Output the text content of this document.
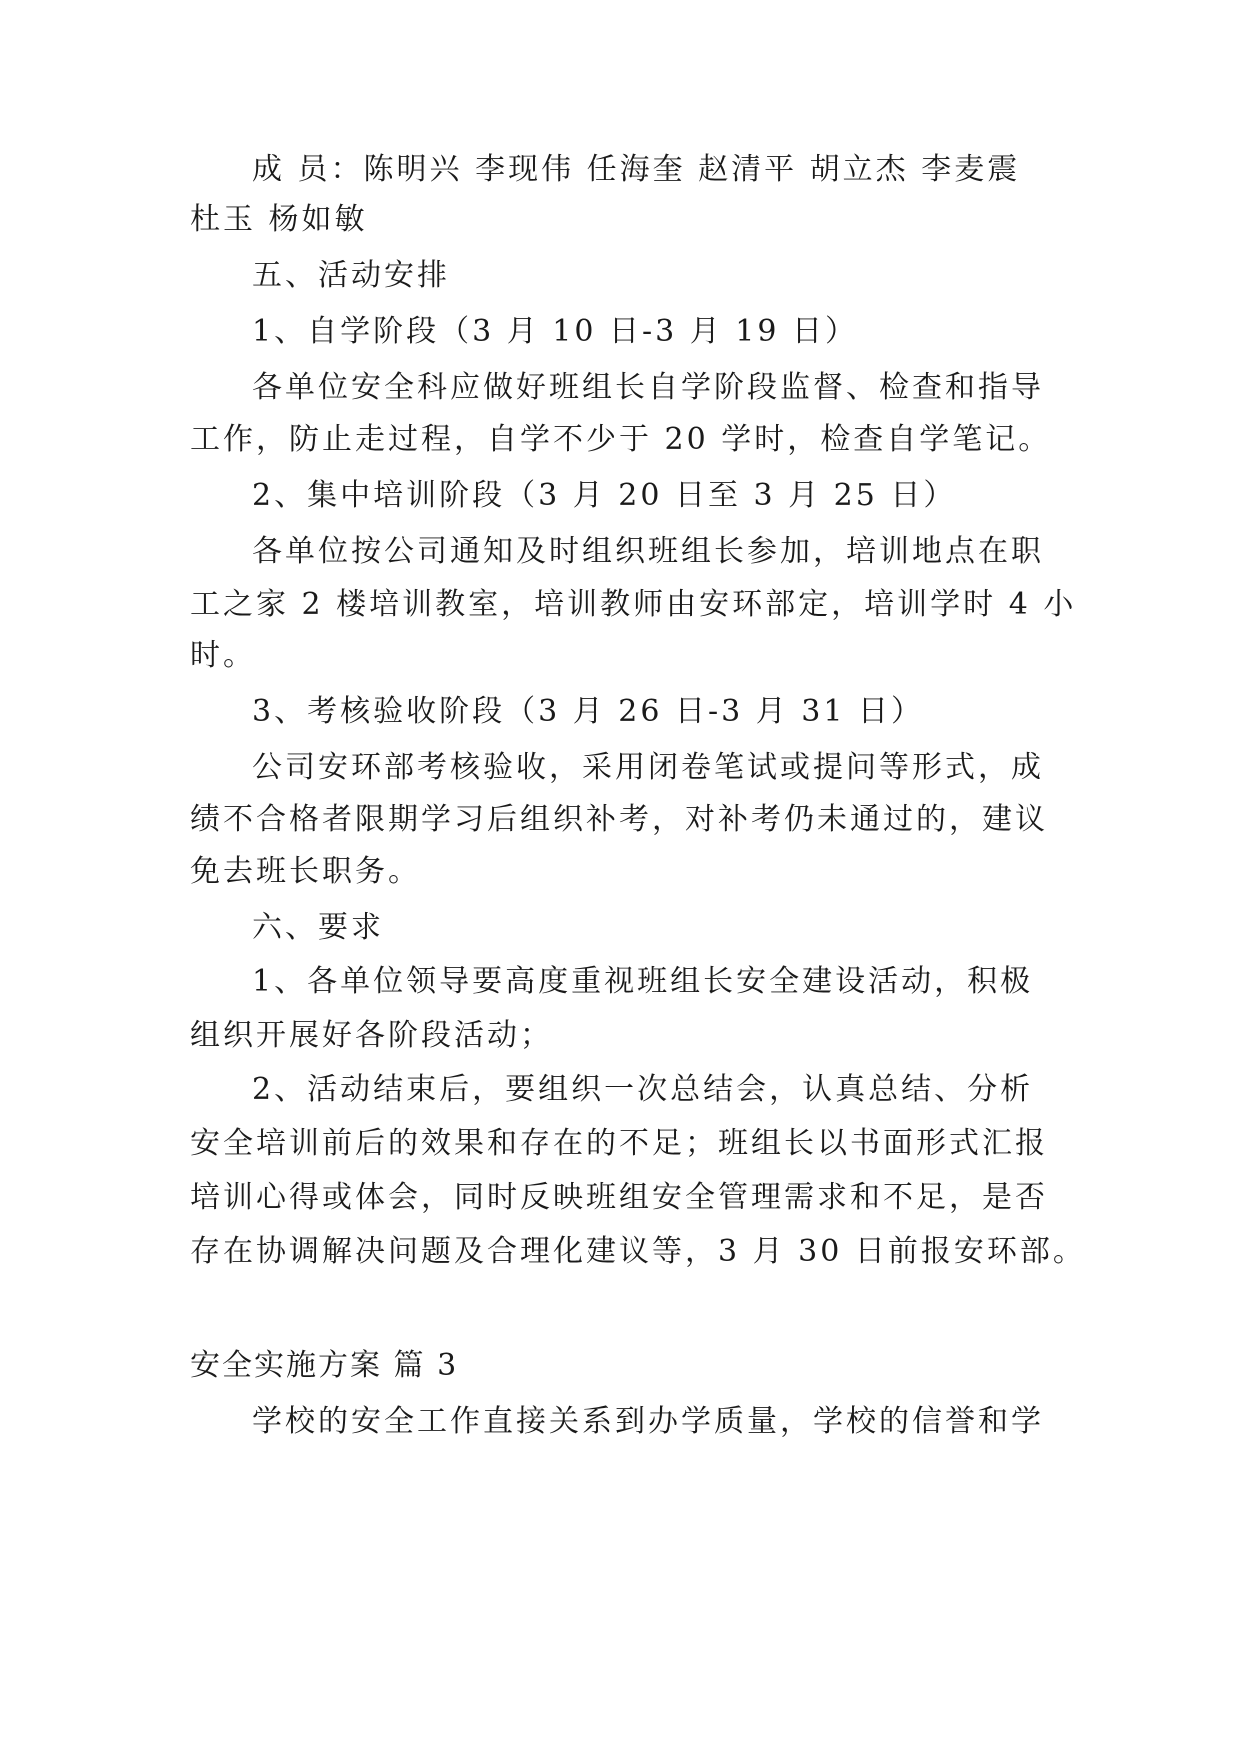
成 员：陈明兴 李现伟 任海奎 赵清平 胡立杰 李麦震
杜玉 杨如敏
五、活动安排
1、自学阶段（3 月 10 日-3 月 19 日）
各单位安全科应做好班组长自学阶段监督、检查和指导
工作，防止走过程，自学不少于 20 学时，检查自学笔记。
2、集中培训阶段（3 月 20 日至 3 月 25 日）
各单位按公司通知及时组织班组长参加，培训地点在职
工之家 2 楼培训教室，培训教师由安环部定，培训学时 4 小
时。
3、考核验收阶段（3 月 26 日-3 月 31 日）
公司安环部考核验收，采用闭卷笔试或提问等形式，成
绩不合格者限期学习后组织补考，对补考仍未通过的，建议
免去班长职务。
六、要求
1、各单位领导要高度重视班组长安全建设活动，积极
组织开展好各阶段活动；
2、活动结束后，要组织一次总结会，认真总结、分析
安全培训前后的效果和存在的不足；班组长以书面形式汇报
培训心得或体会，同时反映班组安全管理需求和不足，是否
存在协调解决问题及合理化建议等，3 月 30 日前报安环部。
安全实施方案 篇 3
学校的安全工作直接关系到办学质量，学校的信誉和学
